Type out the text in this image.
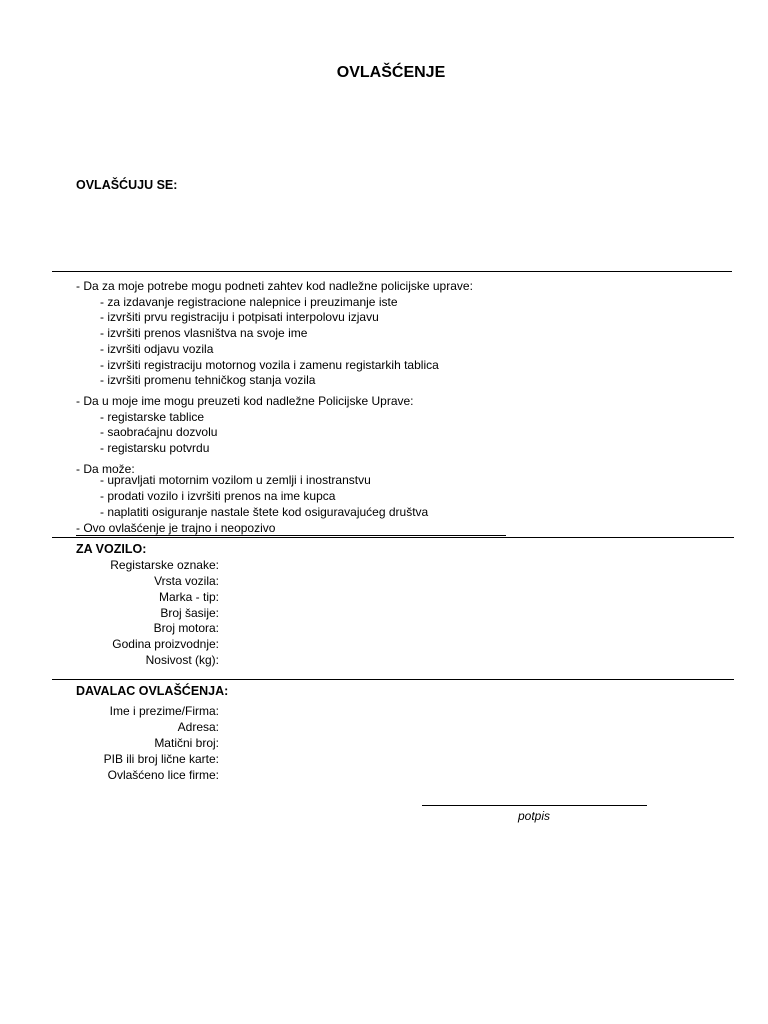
OVLAŠĆENJE
OVLAŠĆUJU SE:
- Da za moje potrebe mogu podneti zahtev kod nadležne policijske uprave:
- za izdavanje registracione nalepnice i preuzimanje iste
- izvršiti prvu registraciju i potpisati interpolovu izjavu
- izvršiti prenos vlasništva na svoje ime
- izvršiti odjavu vozila
- izvršiti registraciju motornog vozila i zamenu registarkih tablica
- izvršiti promenu tehničkog stanja vozila
- Da u moje ime mogu preuzeti kod nadležne Policijske Uprave:
- registarske tablice
- saobraćajnu dozvolu
- registarsku potvrdu
- Da može:
- upravljati motornim vozilom u zemlji i inostranstvu
- prodati vozilo i izvršiti prenos na ime kupca
- naplatiti osiguranje nastale štete kod osiguravajućeg društva
- Ovo ovlašćenje je trajno i neopozivo
ZA VOZILO:
Registarske oznake:
Vrsta vozila:
Marka - tip:
Broj šasije:
Broj motora:
Godina proizvodnje:
Nosivost (kg):
DAVALAC OVLAŠĆENJA:
Ime i prezime/Firma:
Adresa:
Matični broj:
PIB ili broj lične karte:
Ovlašćeno lice firme:
potpis
